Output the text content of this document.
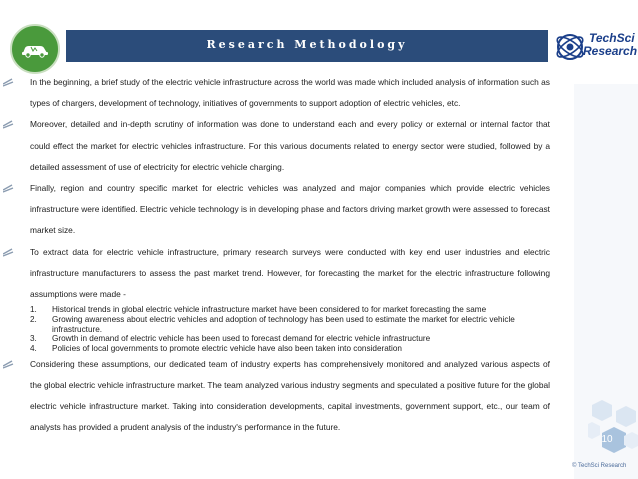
Research Methodology	TechSci
Research
10
© TechSci Research

In the beginning, a brief study of the electric vehicle infrastructure across the world was made which included analysis of information such as types of chargers, development of technology, initiatives of governments to support adoption of electric vehicles, etc.

Moreover, detailed and in-depth scrutiny of information was done to understand each and every policy or external or internal factor that could effect the market for electric vehicles infrastructure. For this various documents related to energy sector were studied, followed by a detailed assessment of use of electricity for electric vehicle charging.

Finally, region and country specific market for electric vehicles was analyzed and major companies which provide electric vehicles infrastructure were identified. Electric vehicle technology is in developing phase and factors driving market growth were assessed to forecast market size.

To extract data for electric vehicle infrastructure, primary research surveys were conducted with key end user industries and electric infrastructure manufacturers to assess the past market trend. However, for forecasting the market for the electric infrastructure following assumptions were made -

1. Historical trends in global electric vehicle infrastructure market have been considered to for market forecasting the same
2. Growing awareness about electric vehicles and adoption of technology has been used to estimate the market for electric vehicle infrastructure.
3. Growth in demand of electric vehicle has been used to forecast demand for electric vehicle infrastructure
4. Policies of local governments to promote electric vehicle have also been taken into consideration

Considering these assumptions, our dedicated team of industry experts has comprehensively monitored and analyzed various aspects of the global electric vehicle infrastructure market. The team analyzed various industry segments and speculated a positive future for the global electric vehicle infrastructure market. Taking into consideration developments, capital investments, government support, etc., our team of analysts has provided a prudent analysis of the industry's performance in the future.
